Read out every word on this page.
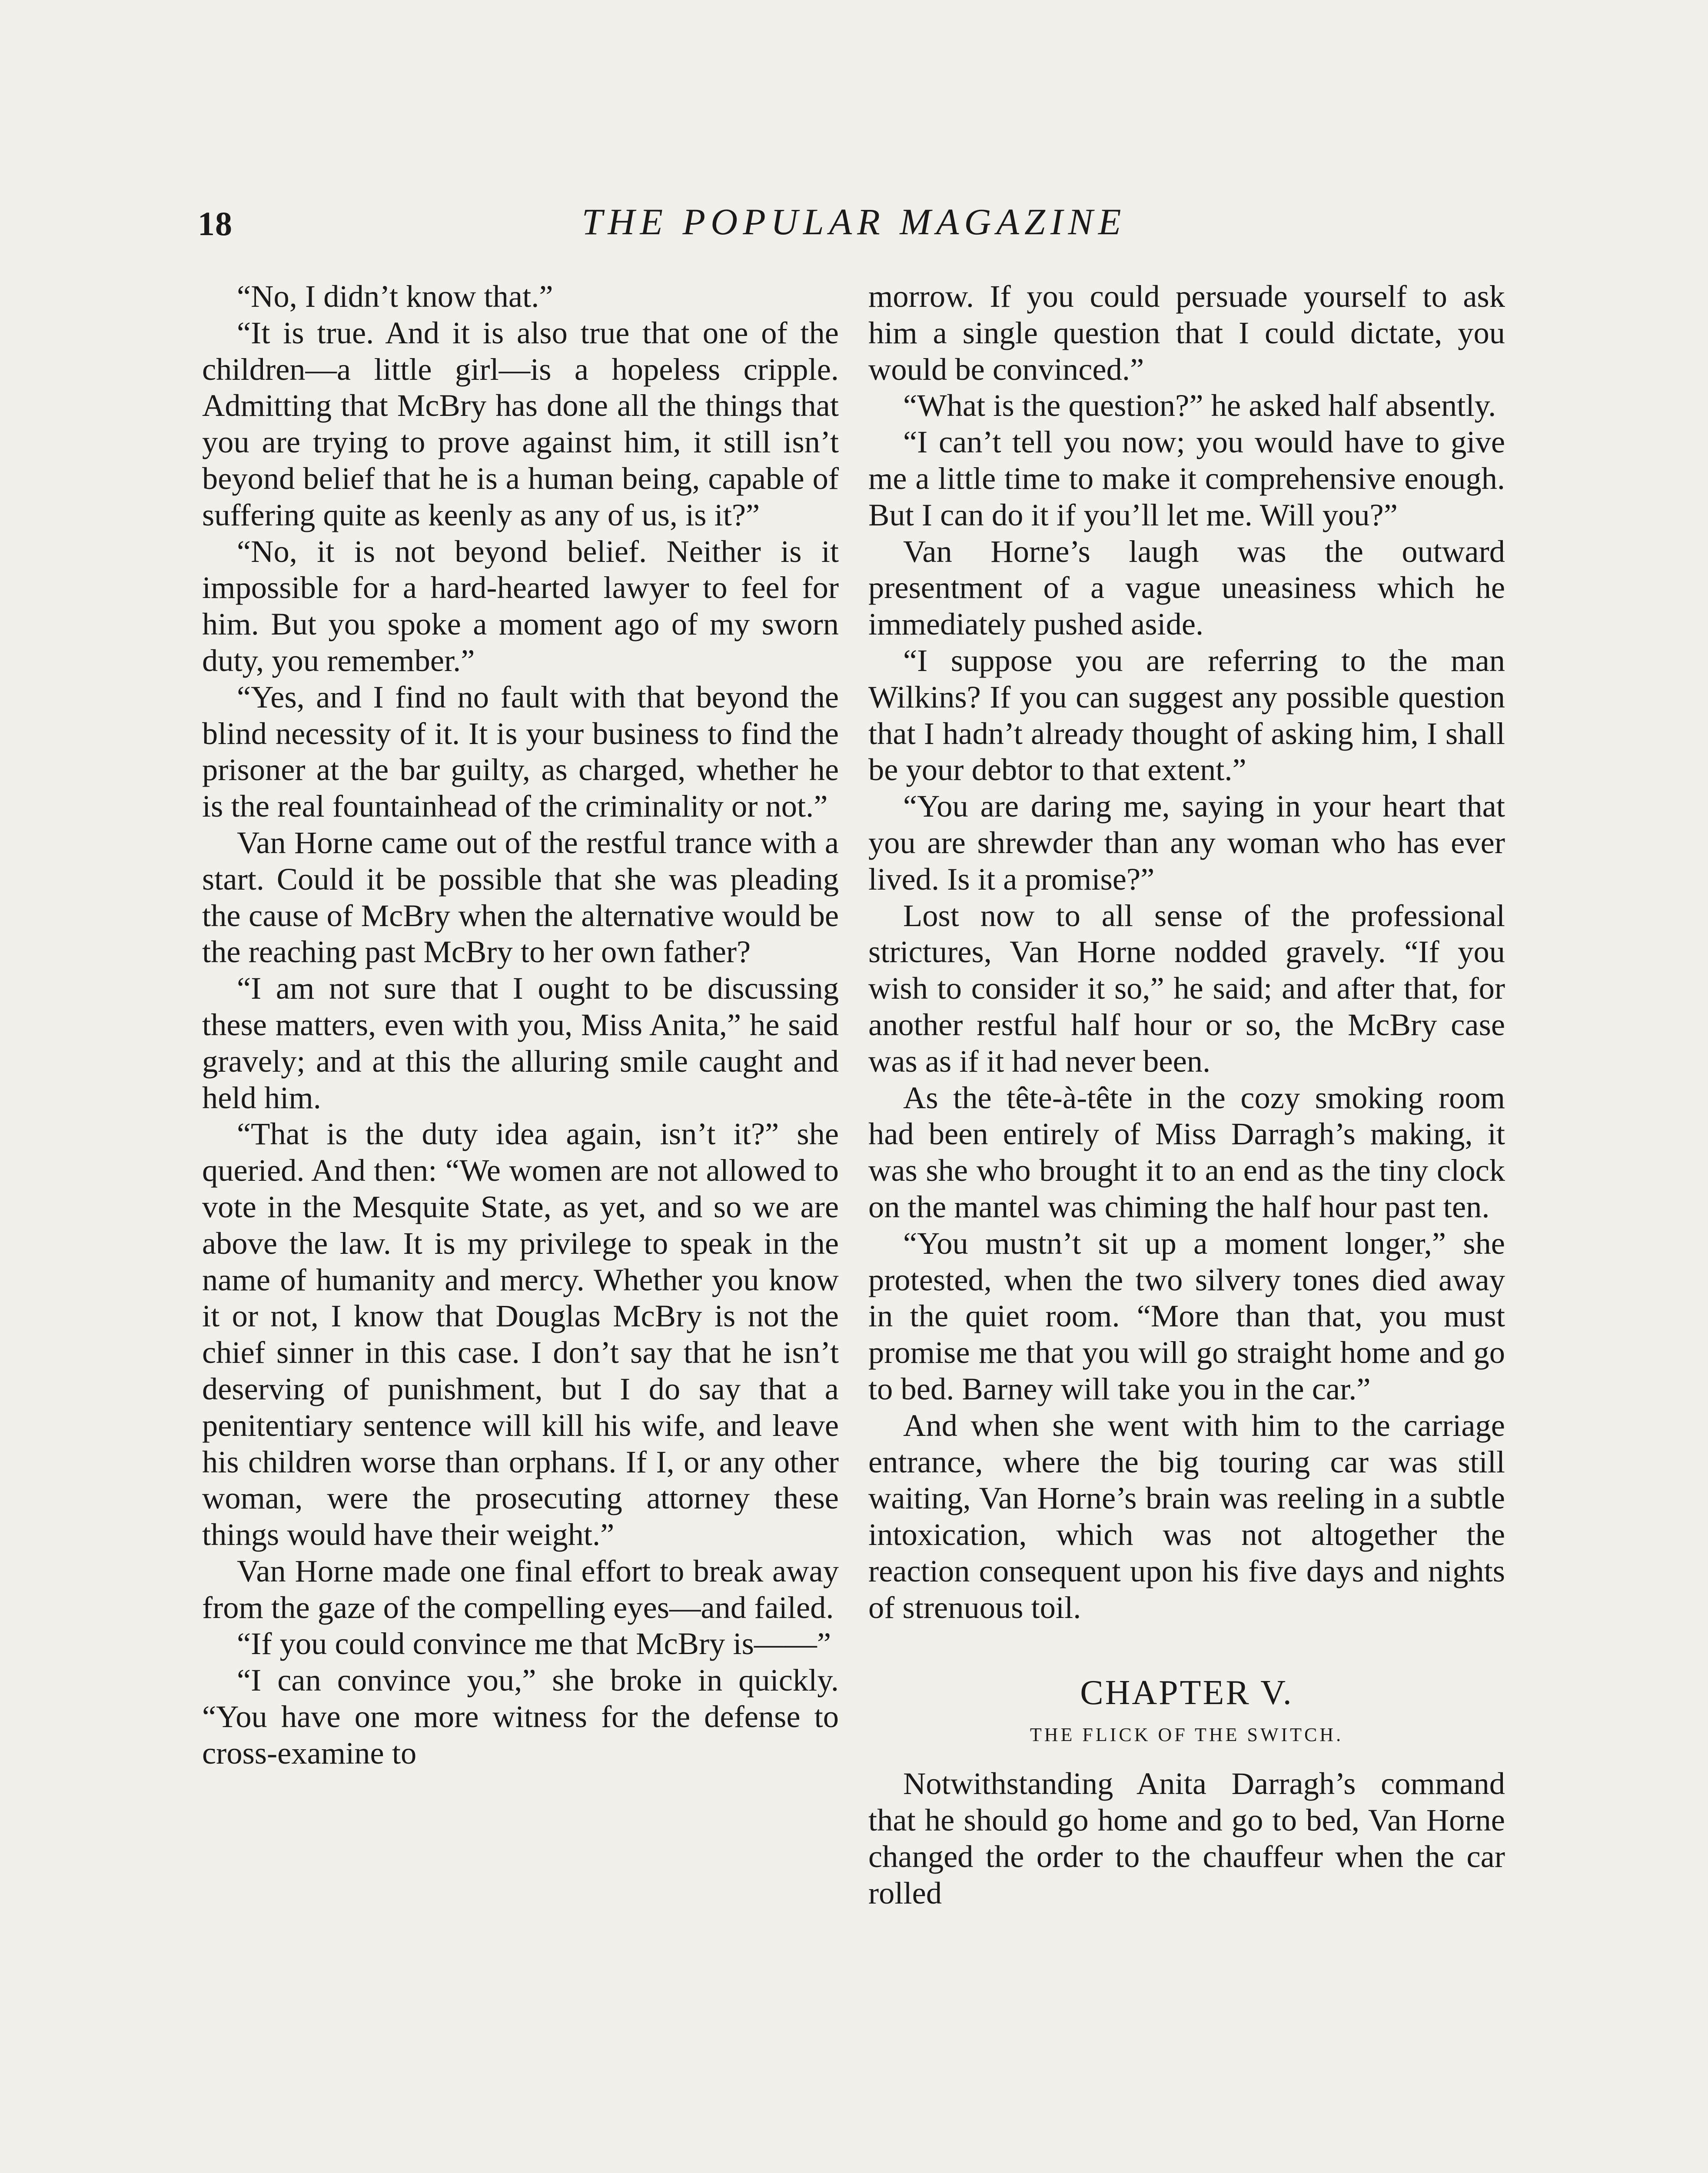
18	THE POPULAR MAGAZINE

“No, I didn’t know that.”

“It is true. And it is also true that one of the children—a little girl—is a hopeless cripple. Admitting that McBry has done all the things that you are trying to prove against him, it still isn’t beyond belief that he is a human being, capable of suffering quite as keenly as any of us, is it?”

“No, it is not beyond belief. Neither is it impossible for a hard-hearted lawyer to feel for him. But you spoke a moment ago of my sworn duty, you remember.”

“Yes, and I find no fault with that beyond the blind necessity of it. It is your business to find the prisoner at the bar guilty, as charged, whether he is the real fountainhead of the criminality or not.”

Van Horne came out of the restful trance with a start. Could it be possible that she was pleading the cause of McBry when the alternative would be the reaching past McBry to her own father?

“I am not sure that I ought to be discussing these matters, even with you, Miss Anita,” he said gravely; and at this the alluring smile caught and held him.

“That is the duty idea again, isn’t it?” she queried. And then: “We women are not allowed to vote in the Mesquite State, as yet, and so we are above the law. It is my privilege to speak in the name of humanity and mercy. Whether you know it or not, I know that Douglas McBry is not the chief sinner in this case. I don’t say that he isn’t deserving of punishment, but I do say that a penitentiary sentence will kill his wife, and leave his children worse than orphans. If I, or any other woman, were the prosecuting attorney these things would have their weight.”

Van Horne made one final effort to break away from the gaze of the compelling eyes—and failed.

“If you could convince me that McBry is——”

“I can convince you,” she broke in quickly. “You have one more witness for the defense to cross-examine to

morrow. If you could persuade yourself to ask him a single question that I could dictate, you would be convinced.”

“What is the question?” he asked half absently.

“I can’t tell you now; you would have to give me a little time to make it comprehensive enough. But I can do it if you’ll let me. Will you?”

Van Horne’s laugh was the outward presentment of a vague uneasiness which he immediately pushed aside.

“I suppose you are referring to the man Wilkins? If you can suggest any possible question that I hadn’t already thought of asking him, I shall be your debtor to that extent.”

“You are daring me, saying in your heart that you are shrewder than any woman who has ever lived. Is it a promise?”

Lost now to all sense of the professional strictures, Van Horne nodded gravely. “If you wish to consider it so,” he said; and after that, for another restful half hour or so, the McBry case was as if it had never been.

As the tête-à-tête in the cozy smoking room had been entirely of Miss Darragh’s making, it was she who brought it to an end as the tiny clock on the mantel was chiming the half hour past ten.

“You mustn’t sit up a moment longer,” she protested, when the two silvery tones died away in the quiet room. “More than that, you must promise me that you will go straight home and go to bed. Barney will take you in the car.”

And when she went with him to the carriage entrance, where the big touring car was still waiting, Van Horne’s brain was reeling in a subtle intoxication, which was not altogether the reaction consequent upon his five days and nights of strenuous toil.

CHAPTER V.

THE FLICK OF THE SWITCH.

Notwithstanding Anita Darragh’s command that he should go home and go to bed, Van Horne changed the order to the chauffeur when the car rolled
